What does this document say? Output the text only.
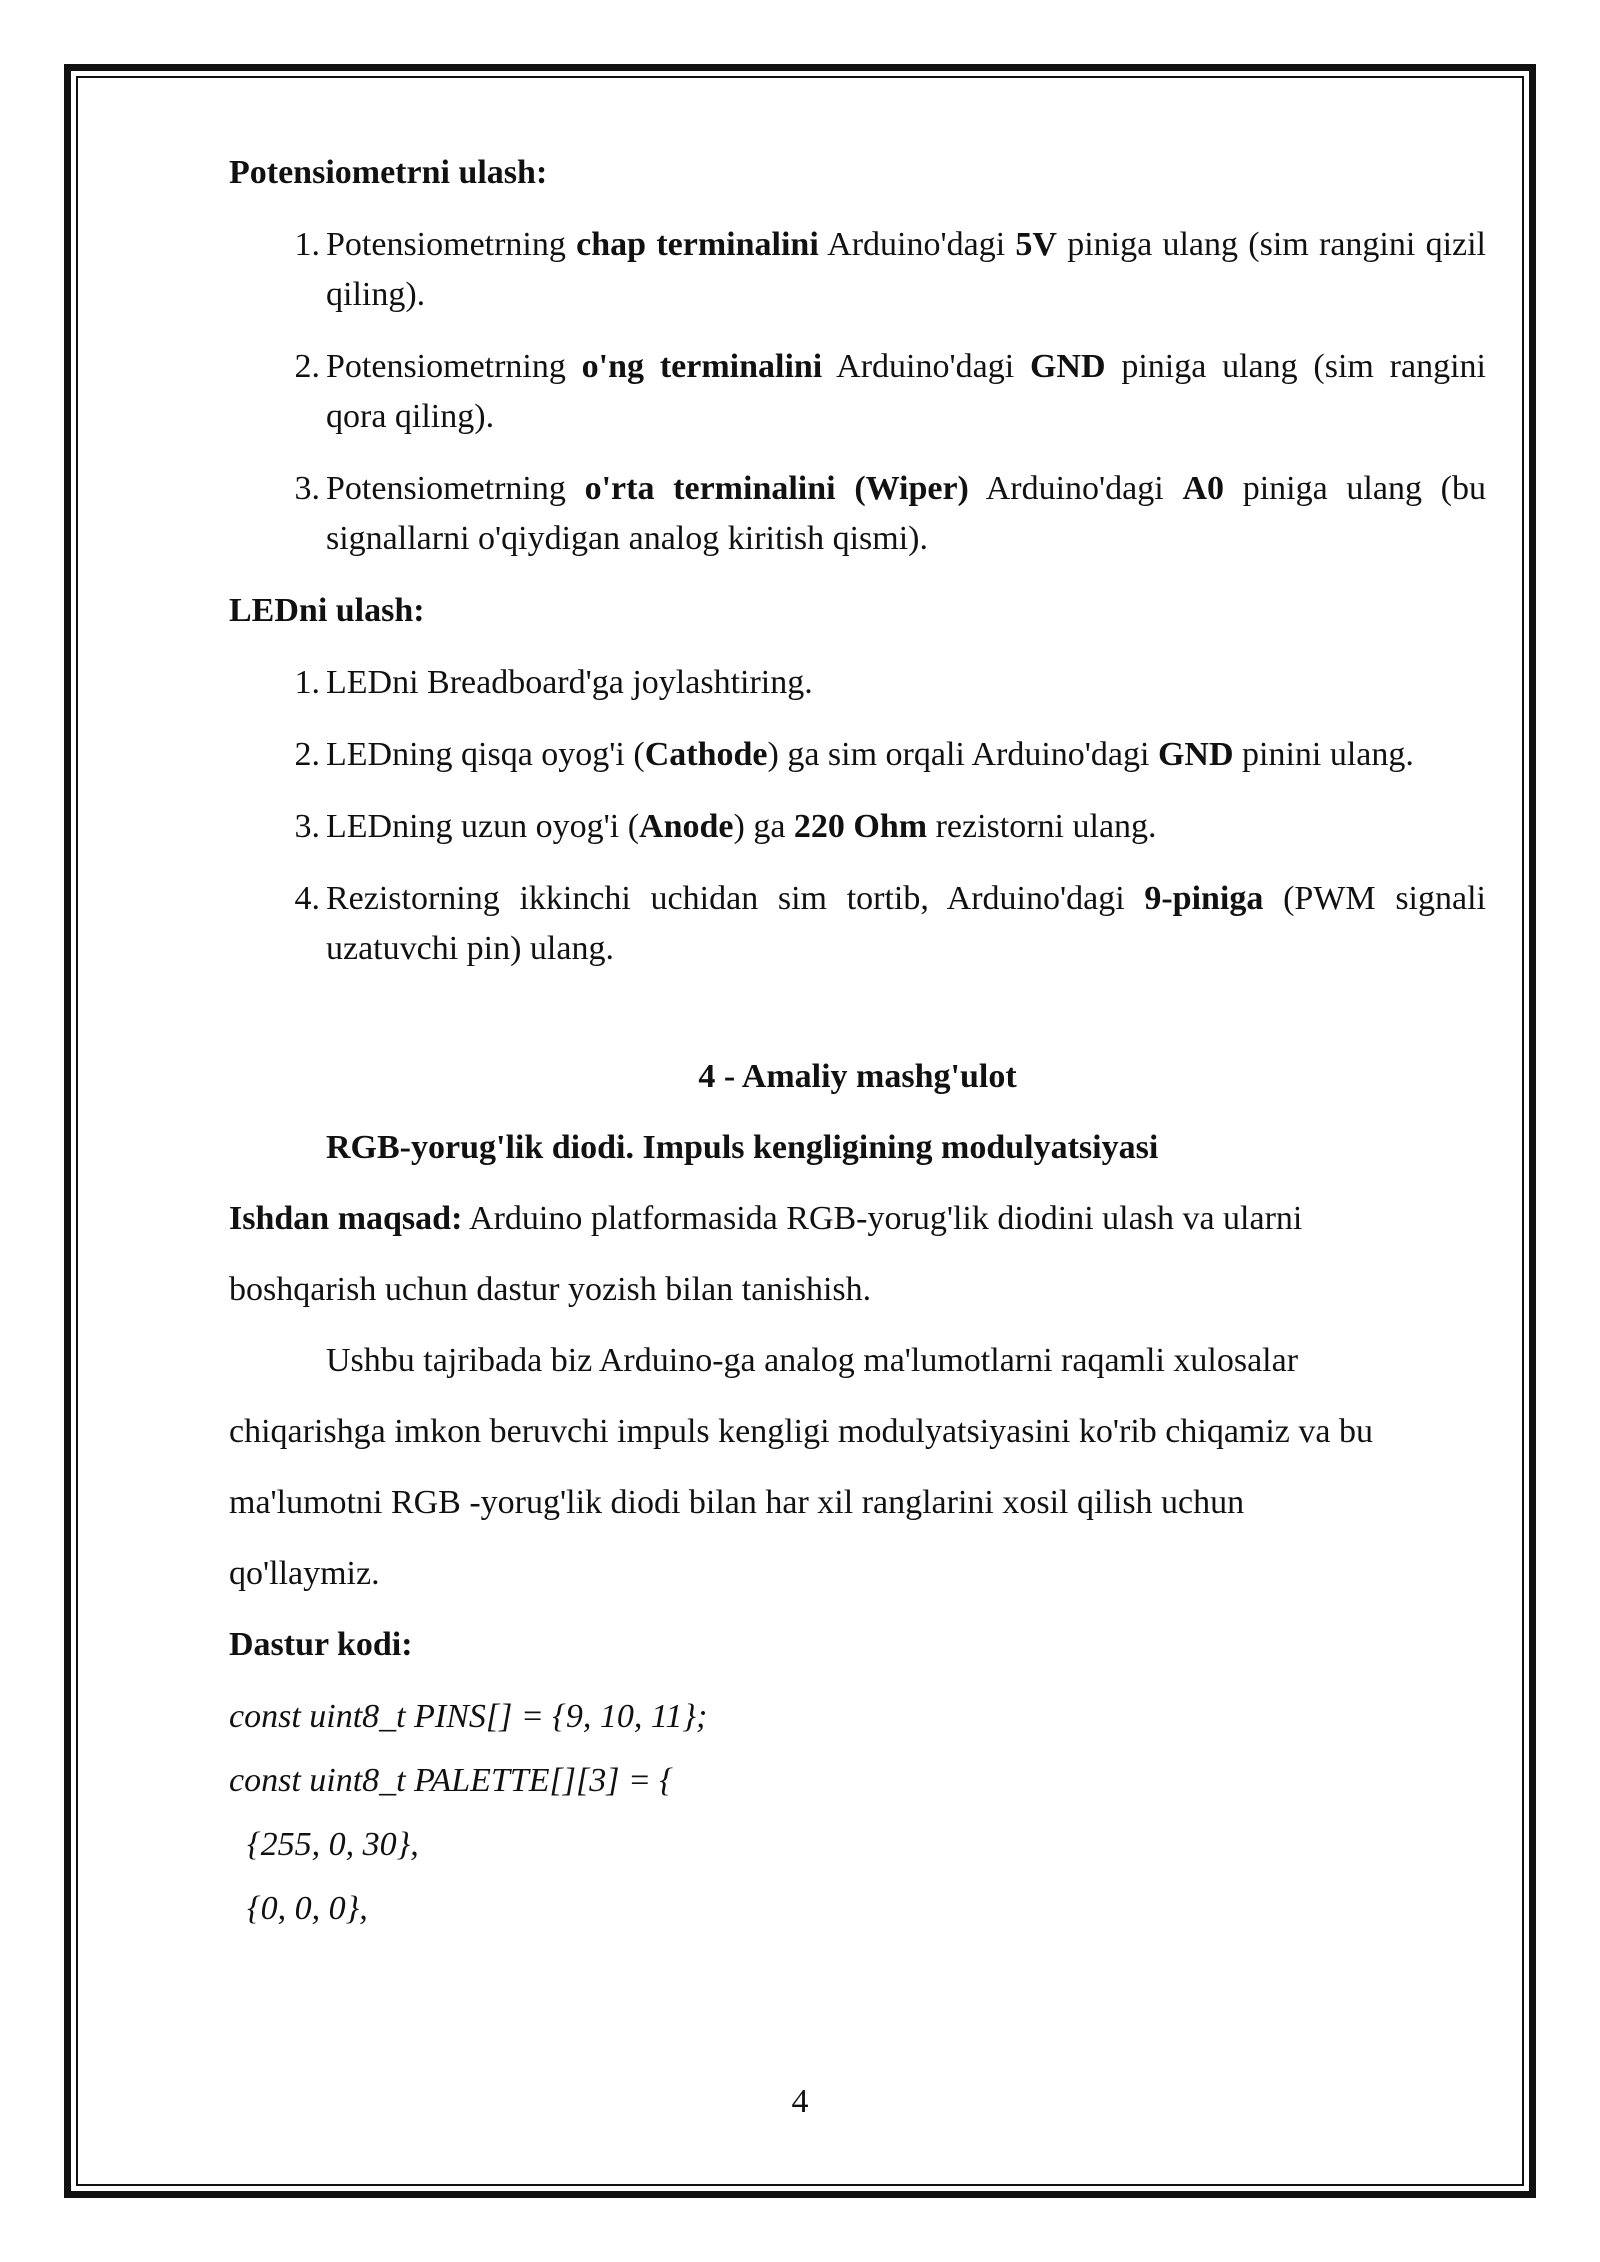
Potensiometrni ulash:

1. Potensiometrning chap terminalini Arduino'dagi 5V piniga ulang (sim rangini qizil qiling).
2. Potensiometrning o'ng terminalini Arduino'dagi GND piniga ulang (sim rangini qora qiling).
3. Potensiometrning o'rta terminalini (Wiper) Arduino'dagi A0 piniga ulang (bu signallarni o'qiydigan analog kiritish qismi).

LEDni ulash:

1. LEDni Breadboard'ga joylashtiring.
2. LEDning qisqa oyog'i (Cathode) ga sim orqali Arduino'dagi GND pinini ulang.
3. LEDning uzun oyog'i (Anode) ga 220 Ohm rezistorni ulang.
4. Rezistorning ikkinchi uchidan sim tortib, Arduino'dagi 9-piniga (PWM signali uzatuvchi pin) ulang.

4 - Amaliy mashg'ulot

RGB-yorug'lik diodi. Impuls kengligining modulyatsiyasi

Ishdan maqsad: Arduino platformasida RGB-yorug'lik diodini ulash va ularni

boshqarish uchun dastur yozish bilan tanishish.

Ushbu tajribada biz Arduino-ga analog ma'lumotlarni raqamli xulosalar

chiqarishga imkon beruvchi impuls kengligi modulyatsiyasini ko'rib chiqamiz va bu

ma'lumotni RGB -yorug'lik diodi bilan har xil ranglarini xosil qilish uchun

qo'llaymiz.

Dastur kodi:

const uint8_t PINS[] = {9, 10, 11};

const uint8_t PALETTE[][3] = {

{255, 0, 30},

{0, 0, 0},

4
